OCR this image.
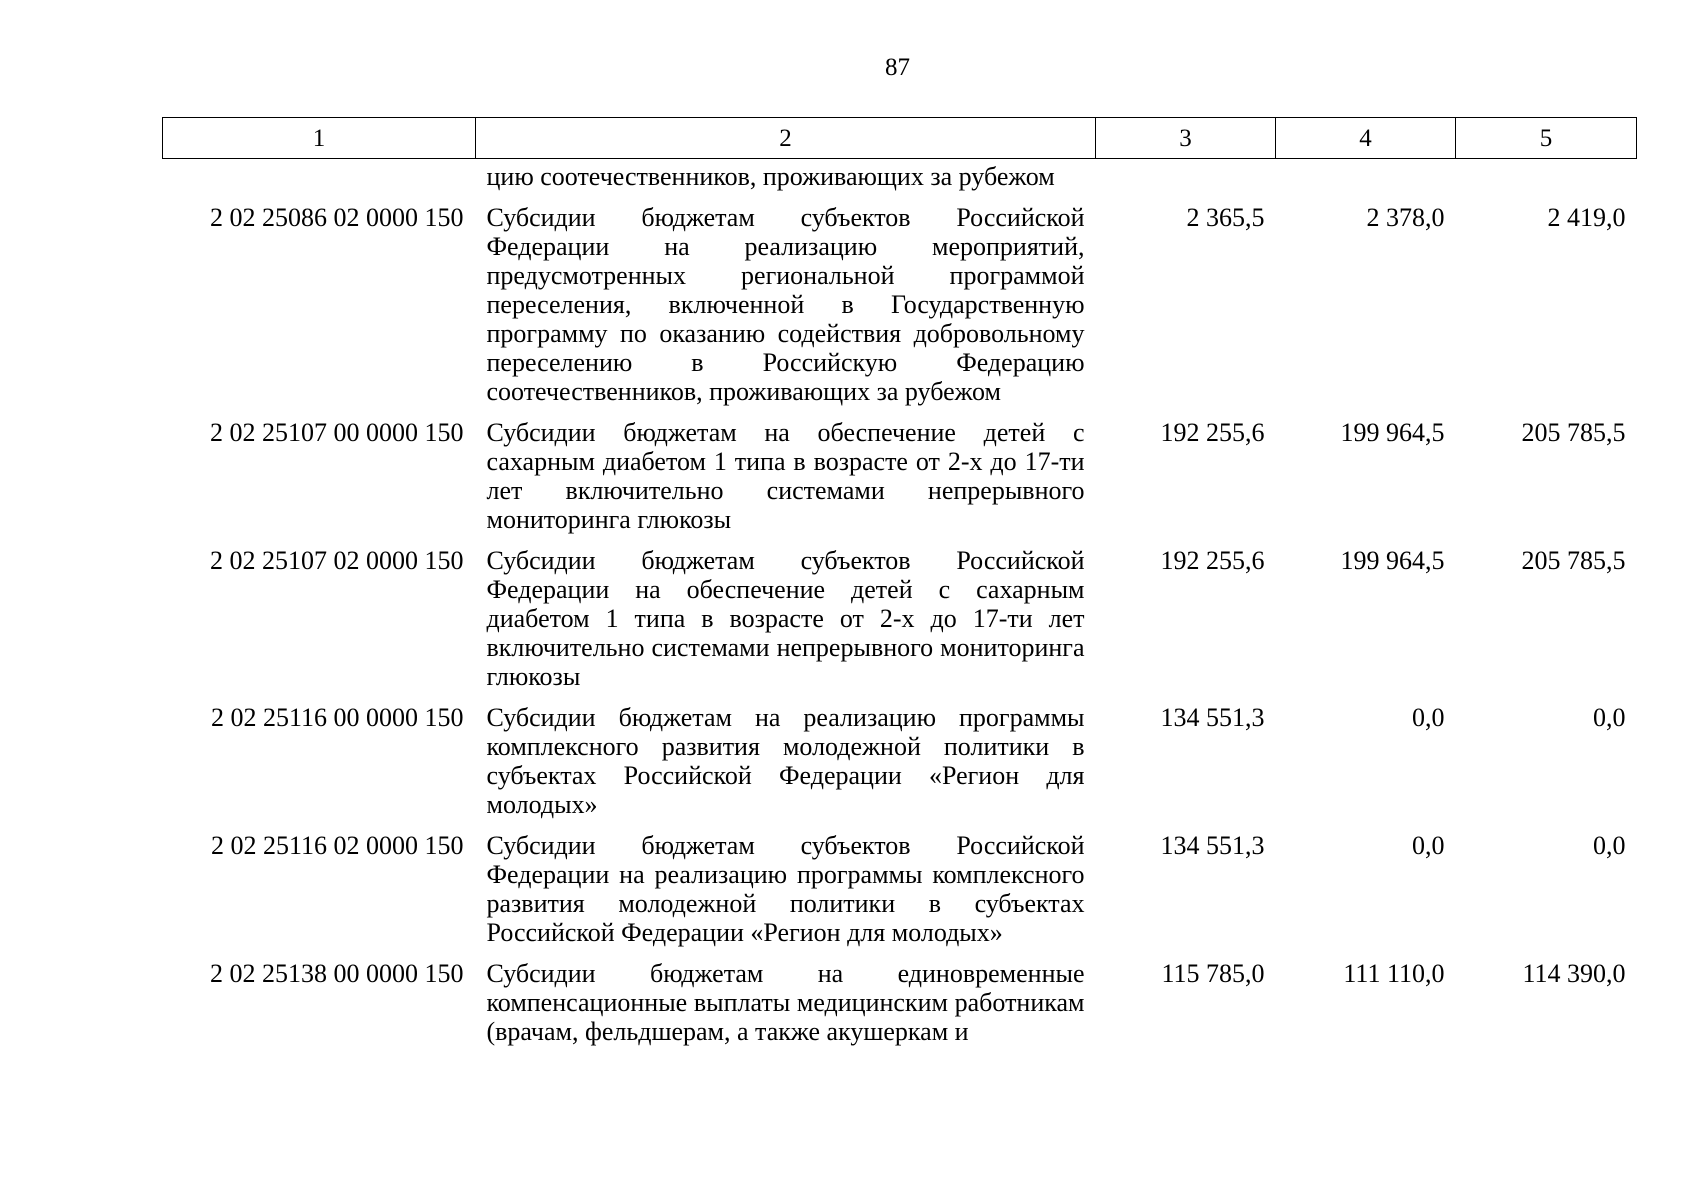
87
1	2	3	4	5
	цию соотечественников, проживающих за рубежом			
2 02 25086 02 0000 150	Субсидии бюджетам субъектов Российской Федерации на реализацию мероприятий, предусмотренных региональной программой переселения, включенной в Государственную программу по оказанию содействия добровольному переселению в Российскую Федерацию соотечественников, проживающих за рубежом	2 365,5	2 378,0	2 419,0
2 02 25107 00 0000 150	Субсидии бюджетам на обеспечение детей с сахарным диабетом 1 типа в возрасте от 2-х до 17-ти лет включительно системами непрерывного мониторинга глюкозы	192 255,6	199 964,5	205 785,5
2 02 25107 02 0000 150	Субсидии бюджетам субъектов Российской Федерации на обеспечение детей с сахарным диабетом 1 типа в возрасте от 2-х до 17-ти лет включительно системами непрерывного мониторинга глюкозы	192 255,6	199 964,5	205 785,5
2 02 25116 00 0000 150	Субсидии бюджетам на реализацию программы комплексного развития молодежной политики в субъектах Российской Федерации «Регион для молодых»	134 551,3	0,0	0,0
2 02 25116 02 0000 150	Субсидии бюджетам субъектов Российской Федерации на реализацию программы комплексного развития молодежной политики в субъектах Российской Федерации «Регион для молодых»	134 551,3	0,0	0,0
2 02 25138 00 0000 150	Субсидии бюджетам на единовременные компенсационные выплаты медицинским работникам (врачам, фельдшерам, а также акушеркам и	115 785,0	111 110,0	114 390,0
